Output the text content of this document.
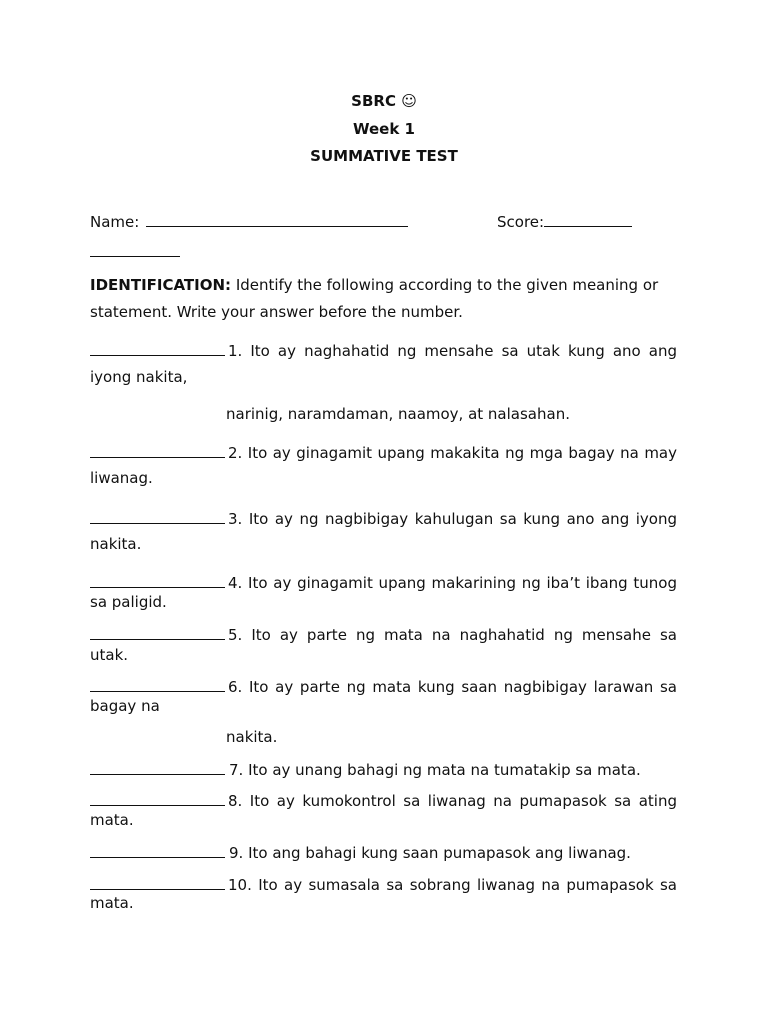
SBRC ☺
Week 1
SUMMATIVE TEST
Name:	Score:
IDENTIFICATION: Identify the following according to the given meaning or
statement. Write your answer before the number.
1. Ito ay naghahatid ng mensahe sa utak kung ano ang
iyong nakita,
narinig, naramdaman, naamoy, at nalasahan.
2. Ito ay ginagamit upang makakita ng mga bagay na may
liwanag.
3. Ito ay ng nagbibigay kahulugan sa kung ano ang iyong
nakita.
4. Ito ay ginagamit upang makarining ng iba’t ibang tunog
sa paligid.
5. Ito ay parte ng mata na naghahatid ng mensahe sa
utak.
6. Ito ay parte ng mata kung saan nagbibigay larawan sa
bagay na
nakita.
7. Ito ay unang bahagi ng mata na tumatakip sa mata.
8. Ito ay kumokontrol sa liwanag na pumapasok sa ating
mata.
9. Ito ang bahagi kung saan pumapasok ang liwanag.
10. Ito ay sumasala sa sobrang liwanag na pumapasok sa
mata.
